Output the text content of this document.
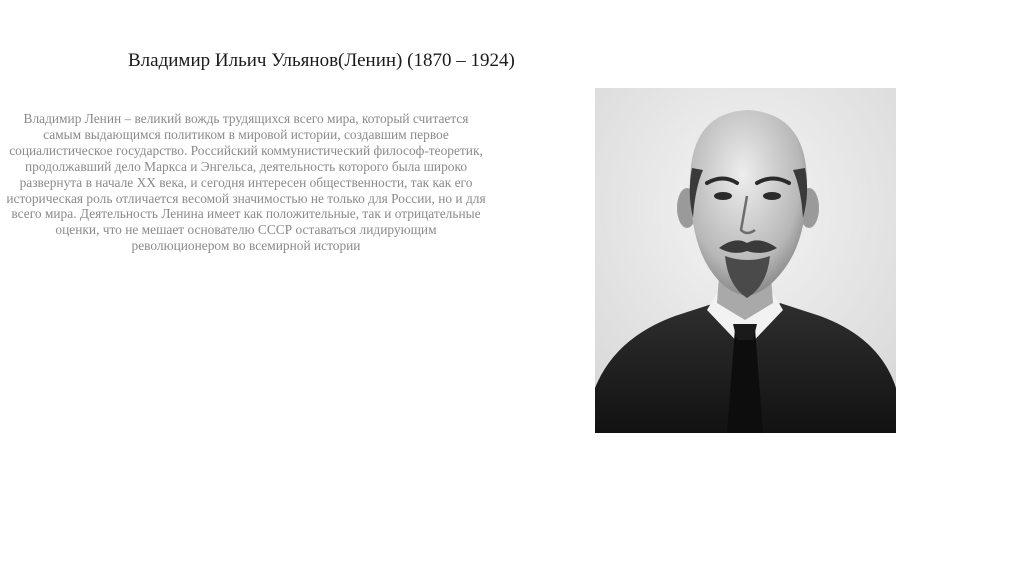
Владимир Ильич Ульянов(Ленин) (1870 – 1924)

Владимир Ленин – великий вождь трудящихся всего мира, который считается самым выдающимся политиком в мировой истории, создавшим первое социалистическое государство. Российский коммунистический философ-теоретик, продолжавший дело Маркса и Энгельса, деятельность которого была широко развернута в начале XX века, и сегодня интересен общественности, так как его историческая роль отличается весомой значимостью не только для России, но и для всего мира. Деятельность Ленина имеет как положительные, так и отрицательные оценки, что не мешает основателю СССР оставаться лидирующим революционером во всемирной истории
